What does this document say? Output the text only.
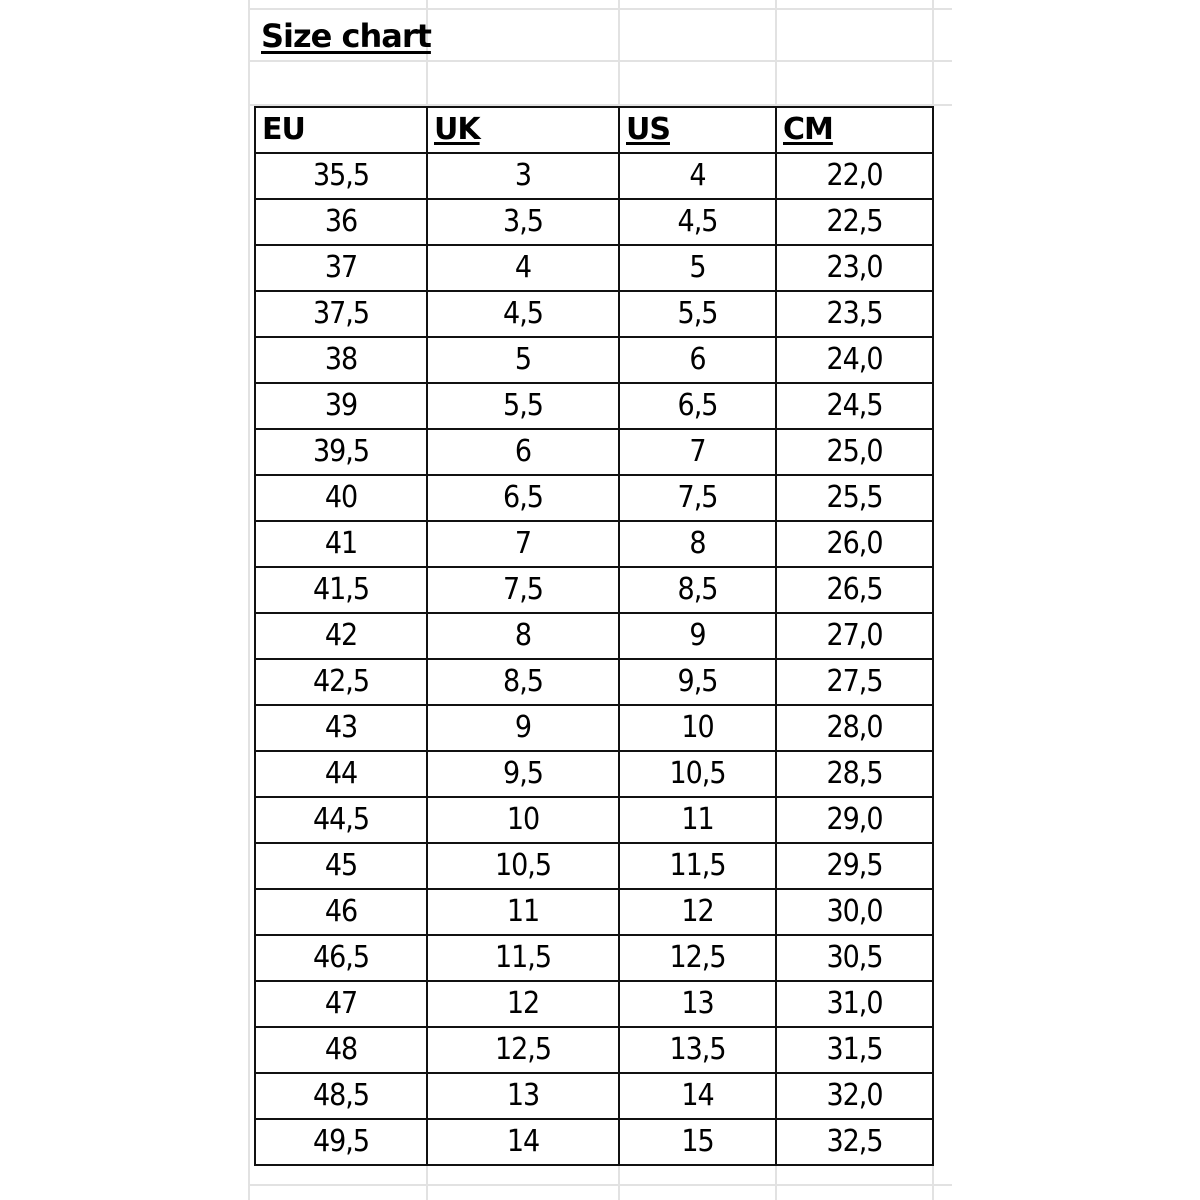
Size chart
EU	UK	US	CM
35,5	3	4	22,0
36	3,5	4,5	22,5
37	4	5	23,0
37,5	4,5	5,5	23,5
38	5	6	24,0
39	5,5	6,5	24,5
39,5	6	7	25,0
40	6,5	7,5	25,5
41	7	8	26,0
41,5	7,5	8,5	26,5
42	8	9	27,0
42,5	8,5	9,5	27,5
43	9	10	28,0
44	9,5	10,5	28,5
44,5	10	11	29,0
45	10,5	11,5	29,5
46	11	12	30,0
46,5	11,5	12,5	30,5
47	12	13	31,0
48	12,5	13,5	31,5
48,5	13	14	32,0
49,5	14	15	32,5
